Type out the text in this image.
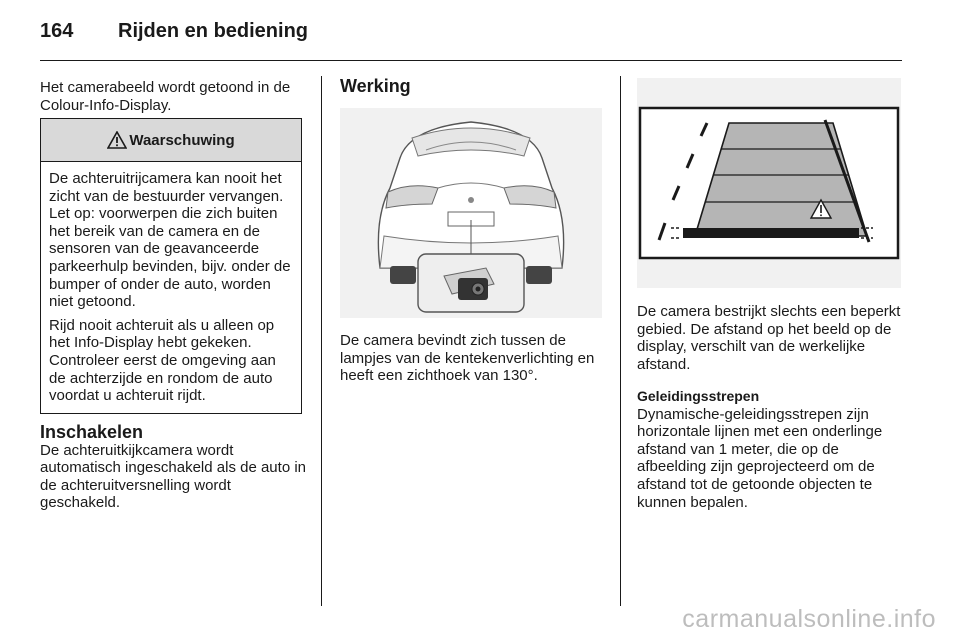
164 Rijden en bediening

Het camerabeeld wordt getoond in de Colour-Info-Display.

Waarschuwing

De achteruitrijcamera kan nooit het zicht van de bestuurder vervangen. Let op: voorwerpen die zich buiten het bereik van de camera en de sensoren van de geavanceerde parkeerhulp bevinden, bijv. onder de bumper of onder de auto, worden niet getoond.

Rijd nooit achteruit als u alleen op het Info-Display hebt gekeken. Controleer eerst de omgeving aan de achterzijde en rondom de auto voordat u achteruit rijdt.

Inschakelen

De achteruitkijkcamera wordt automatisch ingeschakeld als de auto in de achteruitversnelling wordt geschakeld.

Werking

De camera bevindt zich tussen de lampjes van de kentekenverlichting en heeft een zichthoek van 130°.

De camera bestrijkt slechts een beperkt gebied. De afstand op het beeld op de display, verschilt van de werkelijke afstand.

Geleidingsstrepen

Dynamische-geleidingsstrepen zijn horizontale lijnen met een onderlinge afstand van 1 meter, die op de afbeelding zijn geprojecteerd om de afstand tot de getoonde objecten te kunnen bepalen.

carmanualsonline.info
